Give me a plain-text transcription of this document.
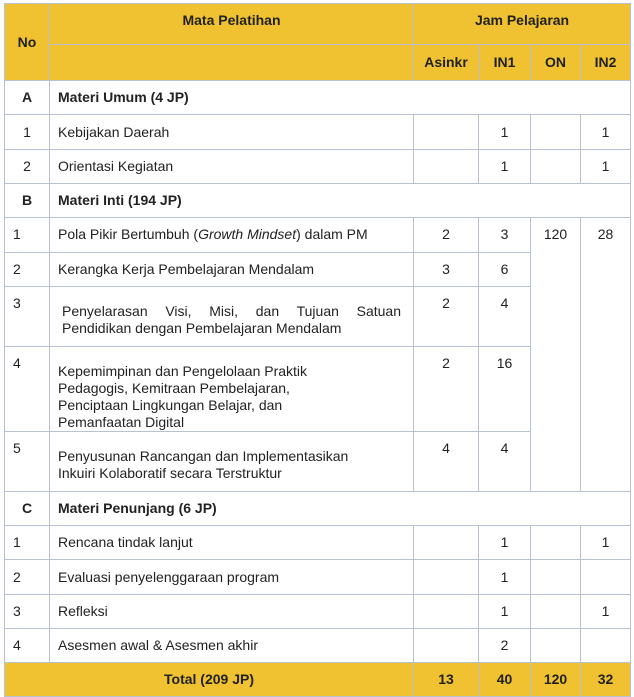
No	Mata Pelatihan	Jam Pelajaran			
		Asinkr	IN1	ON	IN2
A	Materi Umum (4 JP)				
1	Kebijakan Daerah		1		1
2	Orientasi Kegiatan		1		1
B	Materi Inti (194 JP)				
1	Pola Pikir Bertumbuh (Growth Mindset) dalam PM	2	3	120	28
2	Kerangka Kerja Pembelajaran Mendalam	3	6		
3	Penyelarasan Visi, Misi, dan Tujuan Satuan Pendidikan dengan Pembelajaran Mendalam	2	4		
4	Kepemimpinan dan Pengelolaan Praktik Pedagogis, Kemitraan Pembelajaran, Penciptaan Lingkungan Belajar, dan Pemanfaatan Digital	2	16		
5	Penyusunan Rancangan dan Implementasikan Inkuiri Kolaboratif secara Terstruktur	4	4		
C	Materi Penunjang (6 JP)				
1	Rencana tindak lanjut		1		1
2	Evaluasi penyelenggaraan program		1		
3	Refleksi		1		1
4	Asesmen awal & Asesmen akhir		2		
Total (209 JP)		13	40	120	32
